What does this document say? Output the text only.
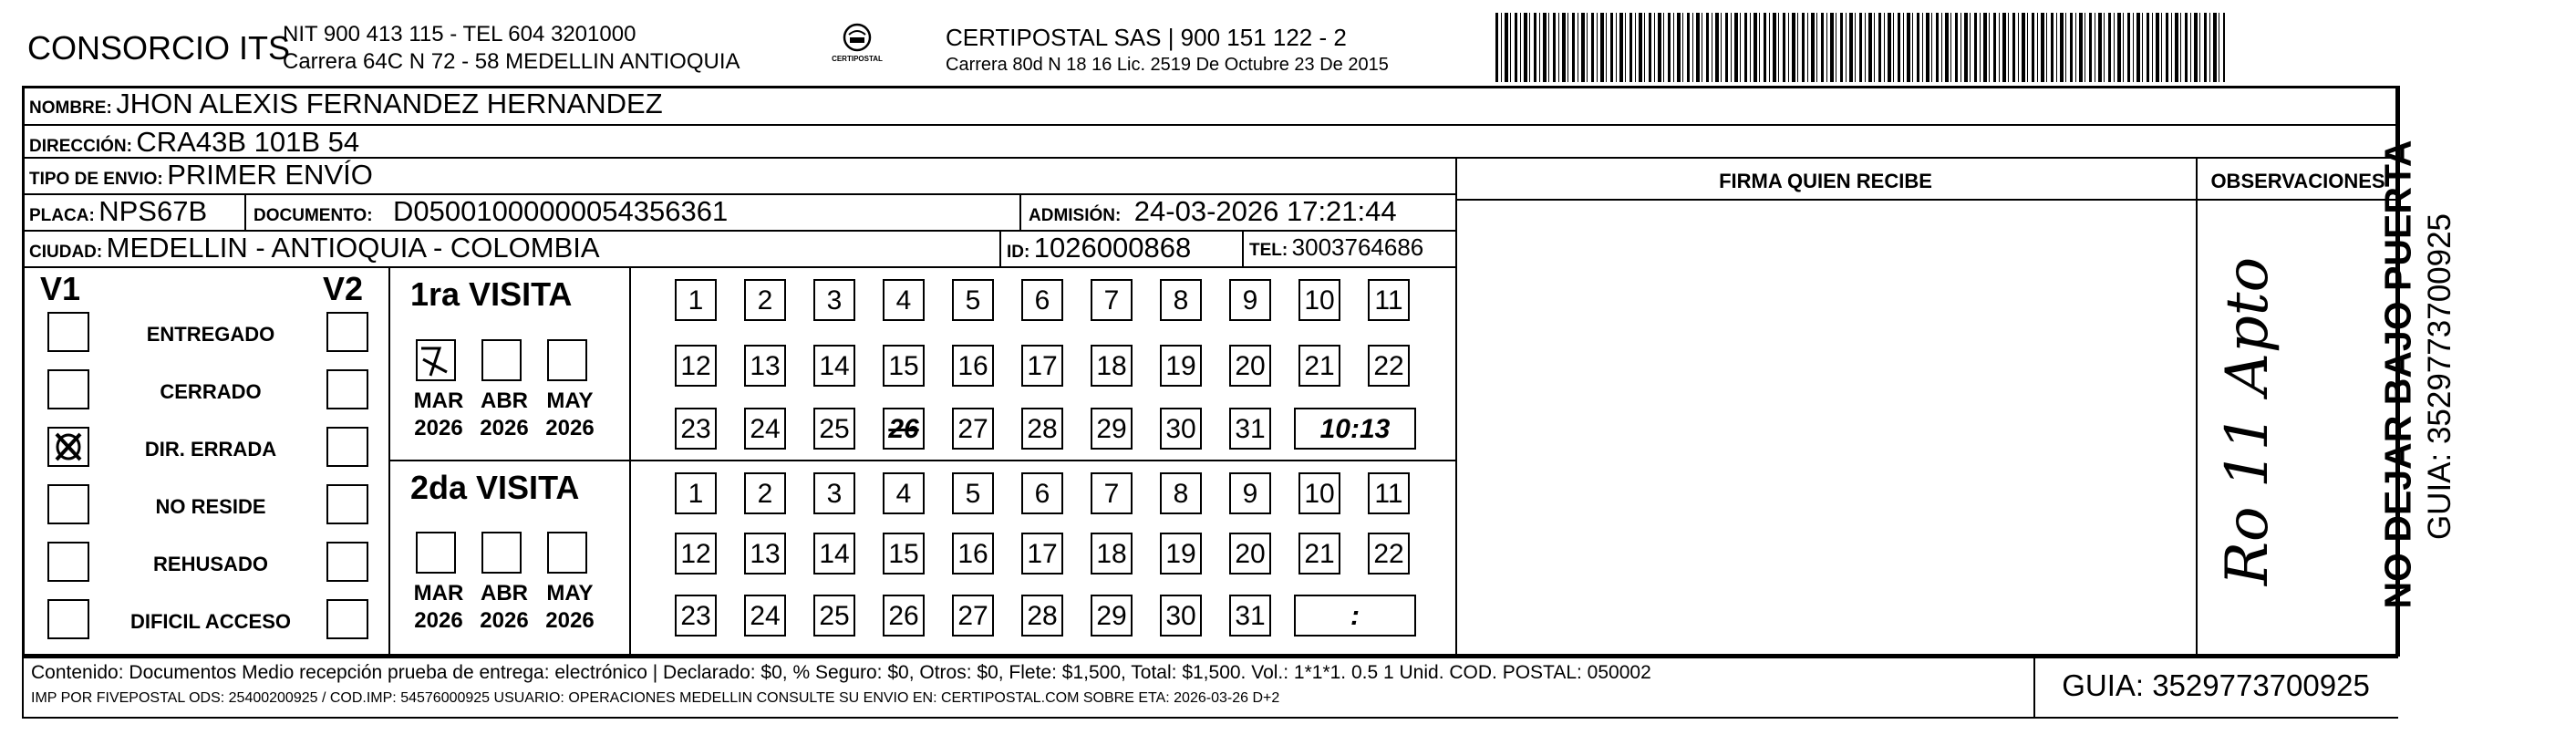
CONSORCIO ITS
NIT 900 413 115 - TEL 604 3201000
Carrera 64C N 72 - 58 MEDELLIN ANTIOQUIA	CERTIPOSTAL
CERTIPOSTAL SAS | 900 151 122 - 2
Carrera 80d N 18 16 Lic. 2519 De Octubre 23 De 2015
NOMBRE: JHON ALEXIS FERNANDEZ HERNANDEZ
DIRECCIÓN: CRA43B 101B 54
TIPO DE ENVIO: PRIMER ENVÍO
PLACA: NPS67B	DOCUMENTO: D05001000000054356361	ADMISIÓN: 24-03-2026 17:21:44
CIUDAD: MEDELLIN - ANTIOQUIA - COLOMBIA	ID: 1026000868	TEL: 3003764686
FIRMA QUIEN RECIBE	OBSERVACIONES
Ro 11 Apto
V1	V2
ENTREGADO
CERRADO
DIR. ERRADA
NO RESIDE
REHUSADO
DIFICIL ACCESO
1ra VISITA
2da VISITA
MAR
2026
ABR
2026
MAY
2026
MAR
2026
ABR
2026
MAY
2026
1	2	3	4	5	6	7	8	9	10 11
12 13 14 15 16 17 18 19 20 21 22
23 24 25 26 27 28 29 30 31	10:13
1	2	3	4	5	6	7	8	9	10 11
12 13 14 15 16 17 18 19 20 21 22
23 24 25 26 27 28 29 30 31	:
Contenido: Documentos Medio recepción prueba de entrega: electrónico | Declarado: $0, % Seguro: $0, Otros: $0, Flete: $1,500, Total: $1,500. Vol.: 1*1*1. 0.5 1 Unid. COD. POSTAL: 050002
IMP POR FIVEPOSTAL ODS: 25400200925 / COD.IMP: 54576000925 USUARIO: OPERACIONES MEDELLIN CONSULTE SU ENVIO EN: CERTIPOSTAL.COM SOBRE ETA: 2026-03-26 D+2	GUIA: 3529773700925
NO DEJAR BAJO PUERTA GUIA: 3529773700925
